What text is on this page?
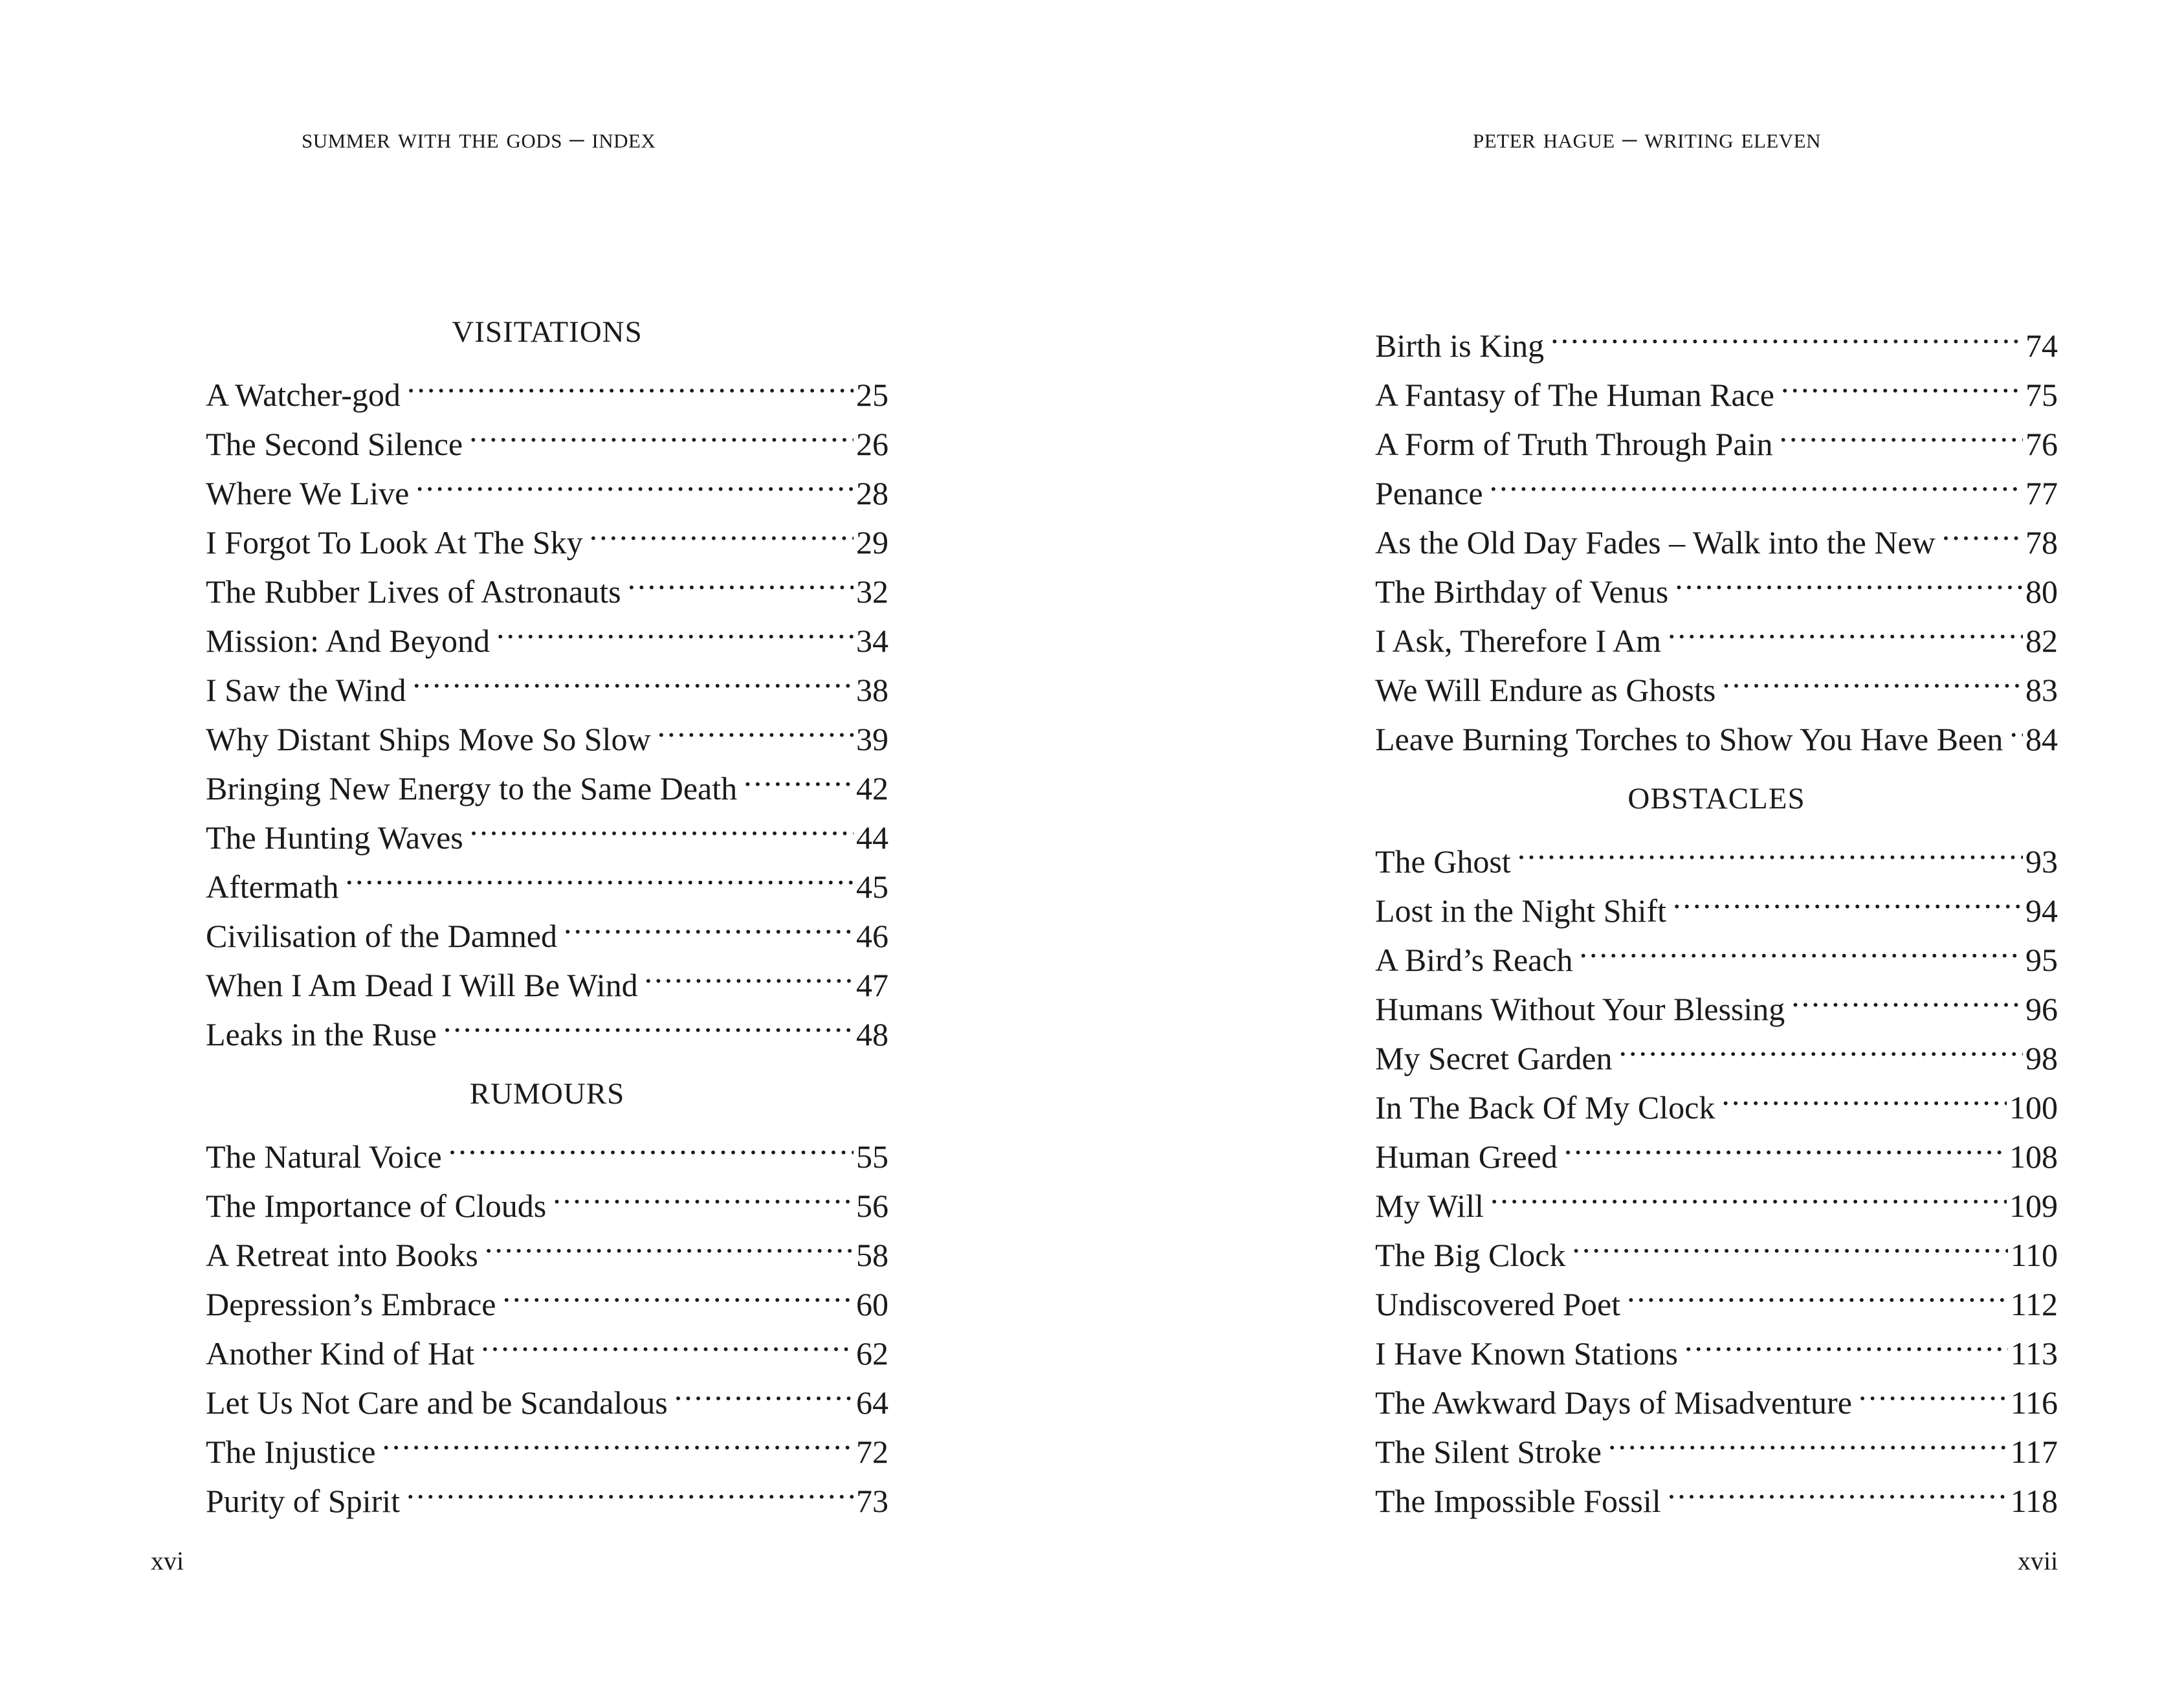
summer with the gods – index
VISITATIONS
A Watcher-god .....	25
The Second Silence .....	26
Where We Live .....	28
I Forgot To Look At The Sky .....	29
The Rubber Lives of Astronauts .....	32
Mission: And Beyond .....	34
I Saw the Wind .....	38
Why Distant Ships Move So Slow .....	39
Bringing New Energy to the Same Death .....	42
The Hunting Waves .....	44
Aftermath .....	45
Civilisation of the Damned .....	46
When I Am Dead I Will Be Wind .....	47
Leaks in the Ruse .....	48
RUMOURS
The Natural Voice .....	55
The Importance of Clouds .....	56
A Retreat into Books .....	58
Depression’s Embrace .....	60
Another Kind of Hat .....	62
Let Us Not Care and be Scandalous .....	64
The Injustice .....	72
Purity of Spirit .....	73
xvi
peter hague – writing eleven
Birth is King .....	74
A Fantasy of The Human Race .....	75
A Form of Truth Through Pain .....	76
Penance .....	77
As the Old Day Fades – Walk into the New .....	78
The Birthday of Venus .....	80
I Ask, Therefore I Am .....	82
We Will Endure as Ghosts .....	83
Leave Burning Torches to Show You Have Been ..... 84
OBSTACLES
The Ghost .....	93
Lost in the Night Shift .....	94
A Bird’s Reach .....	95
Humans Without Your Blessing .....	96
My Secret Garden .....	98
In The Back Of My Clock .....	100
Human Greed .....	108
My Will .....	109
The Big Clock .....	110
Undiscovered Poet .....	112
I Have Known Stations .....	113
The Awkward Days of Misadventure .....	116
The Silent Stroke .....	117
The Impossible Fossil .....	118
xvii
